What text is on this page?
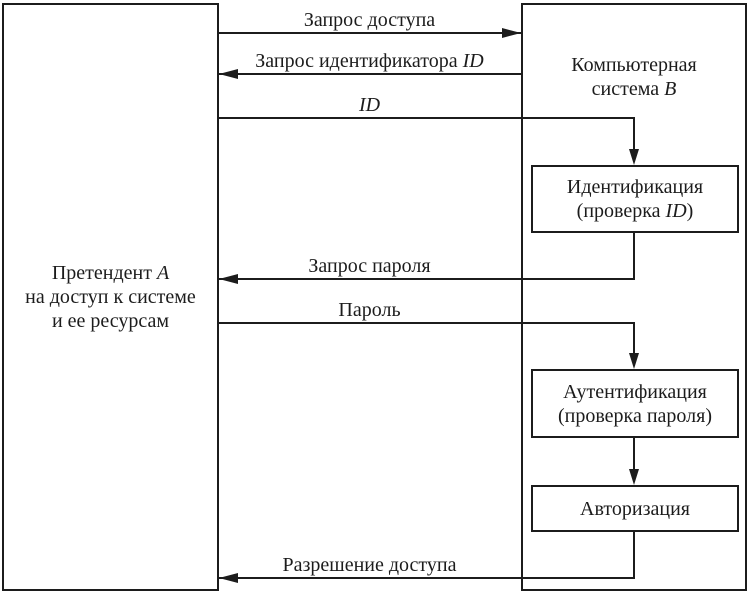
Претендент A
на доступ к системе
и ее ресурсам
Компьютерная
система B
Запрос доступа
Запрос идентификатора ID
ID
Идентификация
(проверка ID)
Запрос пароля
Пароль
Аутентификация
(проверка пароля)
Авторизация
Разрешение доступа
